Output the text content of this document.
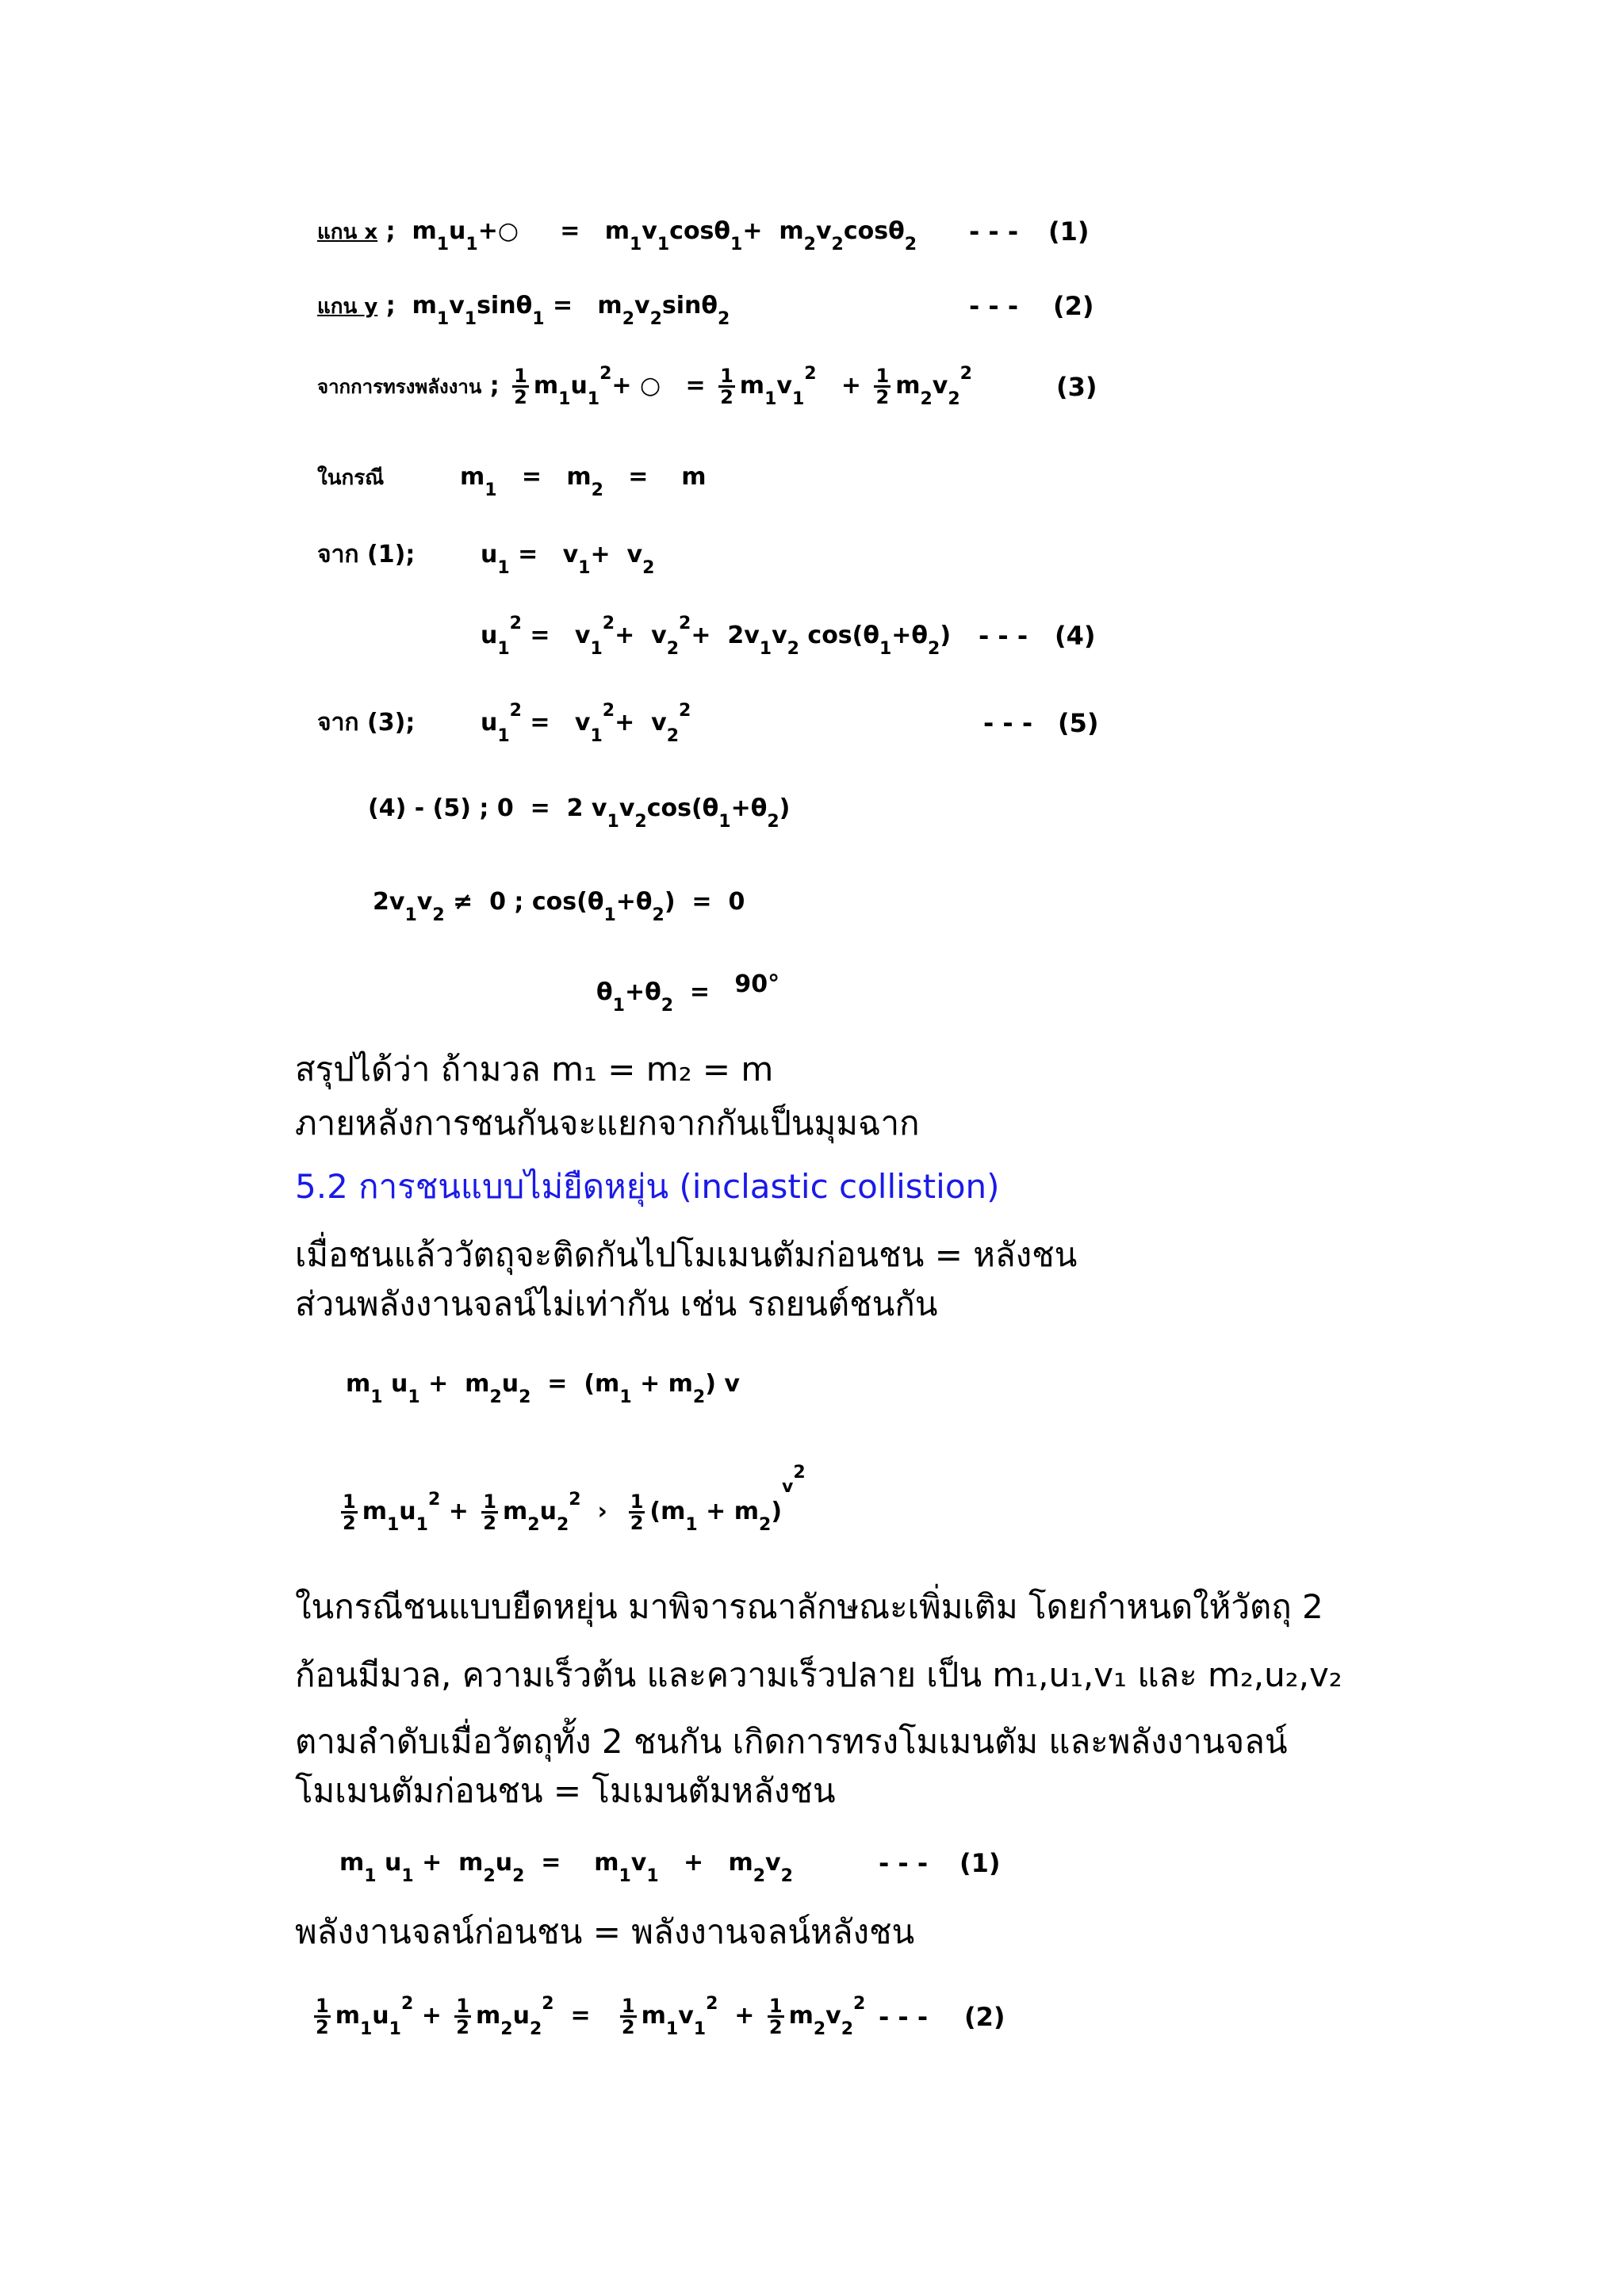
แกน x ;  $m_1u_1+○$     =   $m_1v_1\cos\theta_1+ m_2v_2\cos\theta_2$ - - - (1)
แกน y ;  $m_1v_1\sin\theta_1 = m_2v_2\sin\theta_2$	- - - (2)
จากการทรงพลังงาน ; $\frac{1}{2} m_1u_1^2+$ ○   = $\frac{1}{2} m_1v_1^2 + \frac{1}{2} m_2v_2^2$	(3)
ในกรณี	$m_1 = m_2$   =    m
จาก (1);	$u_1 = v_1+ v_2$
$u_1^2 = v_1^2+ v_2^2+ 2v_1v_2$ $\cos(\theta_1+\theta_2)$ - - - (4)
จาก (3);	$u_1^2 = v_1^2+ v_2^2$	- - - (5)
(4) - (5) ; 0  =  2 $v_1v_2\cos(\theta_1+\theta_2)$
$2v_1v_2 \ne 0$ ; $\cos(\theta_1+\theta_2) = 0$
$\theta_1+\theta_2 = 90^\circ$
สรุปได้ว่า ถ้ามวล m₁ = m₂ = m
ภายหลังการชนกันจะแยกจากกันเป็นมุมฉาก
5.2 การชนแบบไม่ยืดหยุ่น (inclastic collistion)
เมื่อชนแล้ววัตถุจะติดกันไปโมเมนตัมก่อนชน = หลังชน
ส่วนพลังงานจลน์ไม่เท่ากัน เช่น รถยนต์ชนกัน
$m_1$ $u_1 + m_2u_2 = (m_1 + m_2)$ v
$\frac{1}{2} m_1u_1^2 + \frac{1}{2} m_2u_2^2$  › $\frac{1}{2} (m_1 + m_2)^{v^2}$
ในกรณีชนแบบยืดหยุ่น มาพิจารณาลักษณะเพิ่มเติม โดยกำหนดให้วัตถุ 2
ก้อนมีมวล, ความเร็วต้น และความเร็วปลาย เป็น m₁,u₁,v₁ และ m₂,u₂,v₂
ตามลำดับเมื่อวัตถุทั้ง 2 ชนกัน เกิดการทรงโมเมนตัม และพลังงานจลน์
โมเมนตัมก่อนชน = โมเมนตัมหลังชน
$m_1$ $u_1 + m_2u_2$  =    $m_1v_1 + m_2v_2$	- - - (1)
พลังงานจลน์ก่อนชน = พลังงานจลน์หลังชน
$\frac{1}{2} m_1u_1^2 + \frac{1}{2} m_2u_2^2 = \frac{1}{2} m_1v_1^2 + \frac{1}{2} m_2v_2^2$ - - - (2)
